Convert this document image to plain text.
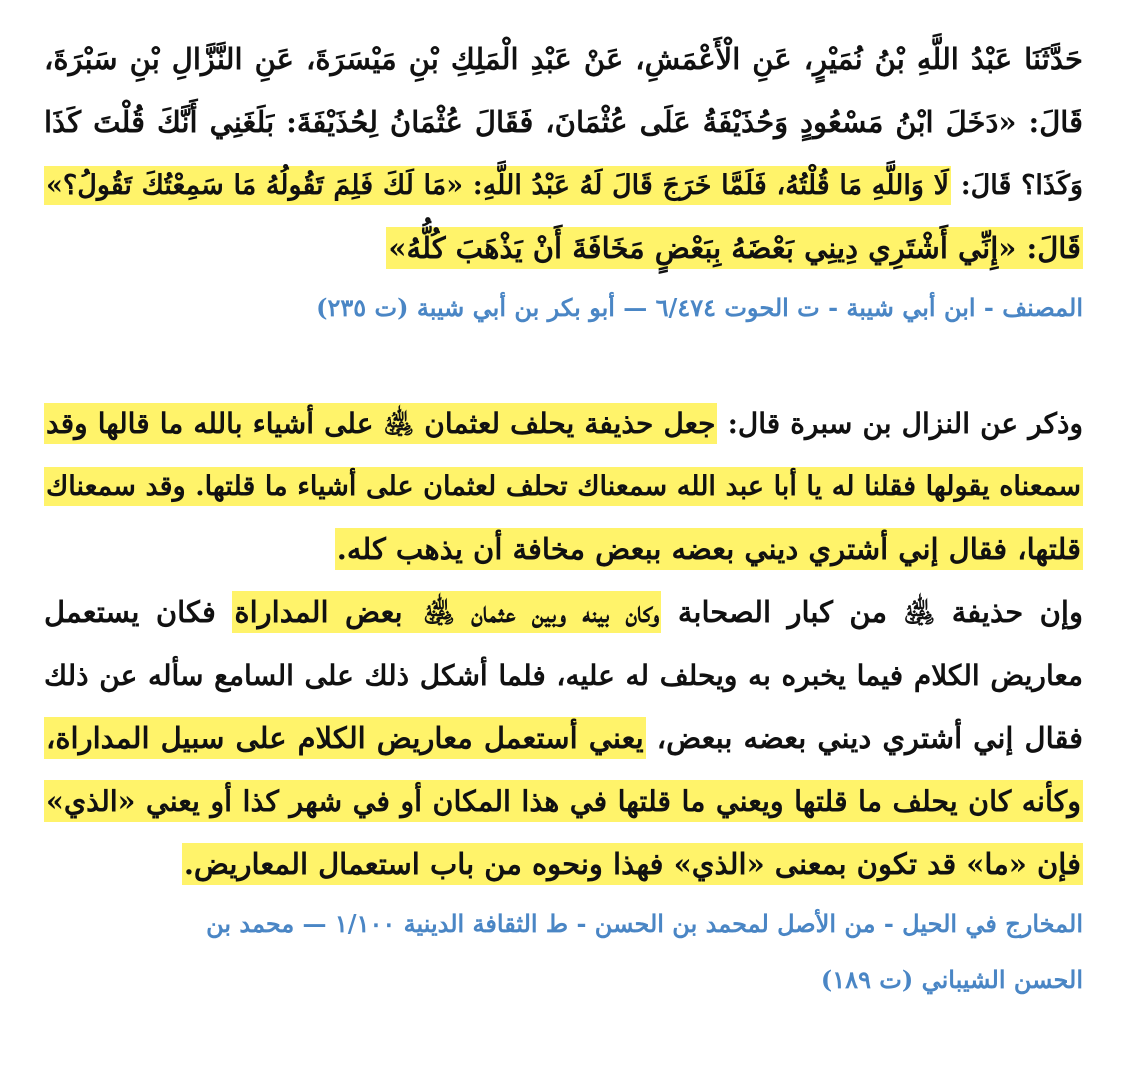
حَدَّثَنَا عَبْدُ اللَّهِ بْنُ نُمَيْرٍ، عَنِ الْأَعْمَشِ، عَنْ عَبْدِ الْمَلِكِ بْنِ مَيْسَرَةَ، عَنِ النَّزَّالِ بْنِ سَبْرَةَ،
قَالَ: «دَخَلَ ابْنُ مَسْعُودٍ وَحُذَيْفَةُ عَلَى عُثْمَانَ، فَقَالَ عُثْمَانُ لِحُذَيْفَةَ: بَلَغَنِي أَنَّكَ قُلْتَ كَذَا
وَكَذَا؟ قَالَ: لَا وَاللَّهِ مَا قُلْتُهُ، فَلَمَّا خَرَجَ قَالَ لَهُ عَبْدُ اللَّهِ: «مَا لَكَ فَلِمَ تَقُولُهُ مَا سَمِعْتُكَ تَقُولُ؟»
قَالَ: «إِنِّي أَشْتَرِي دِينِي بَعْضَهُ بِبَعْضٍ مَخَافَةَ أَنْ يَذْهَبَ كُلُّهُ»
المصنف - ابن أبي شيبة - ت الحوت ٦/٤٧٤ — أبو بكر بن أبي شيبة (ت ٢٣٥)
وذكر عن النزال بن سبرة قال: جعل حذيفة يحلف لعثمان ﵁ على أشياء بالله ما قالها وقد
سمعناه يقولها فقلنا له يا أبا عبد الله سمعناك تحلف لعثمان على أشياء ما قلتها. وقد سمعناك
قلتها، فقال إني أشتري ديني بعضه ببعض مخافة أن يذهب كله.
وإن حذيفة ﵁ من كبار الصحابة وكان بينه وبين عثمان ﵁ بعض المداراة فكان يستعمل
معاريض الكلام فيما يخبره به ويحلف له عليه، فلما أشكل ذلك على السامع سأله عن ذلك
فقال إني أشتري ديني بعضه ببعض، يعني أستعمل معاريض الكلام على سبيل المداراة،
وكأنه كان يحلف ما قلتها ويعني ما قلتها في هذا المكان أو في شهر كذا أو يعني «الذي»
فإن «ما» قد تكون بمعنى «الذي» فهذا ونحوه من باب استعمال المعاريض.
المخارج في الحيل - من الأصل لمحمد بن الحسن - ط الثقافة الدينية ١/١٠٠ — محمد بن
الحسن الشيباني (ت ١٨٩)
